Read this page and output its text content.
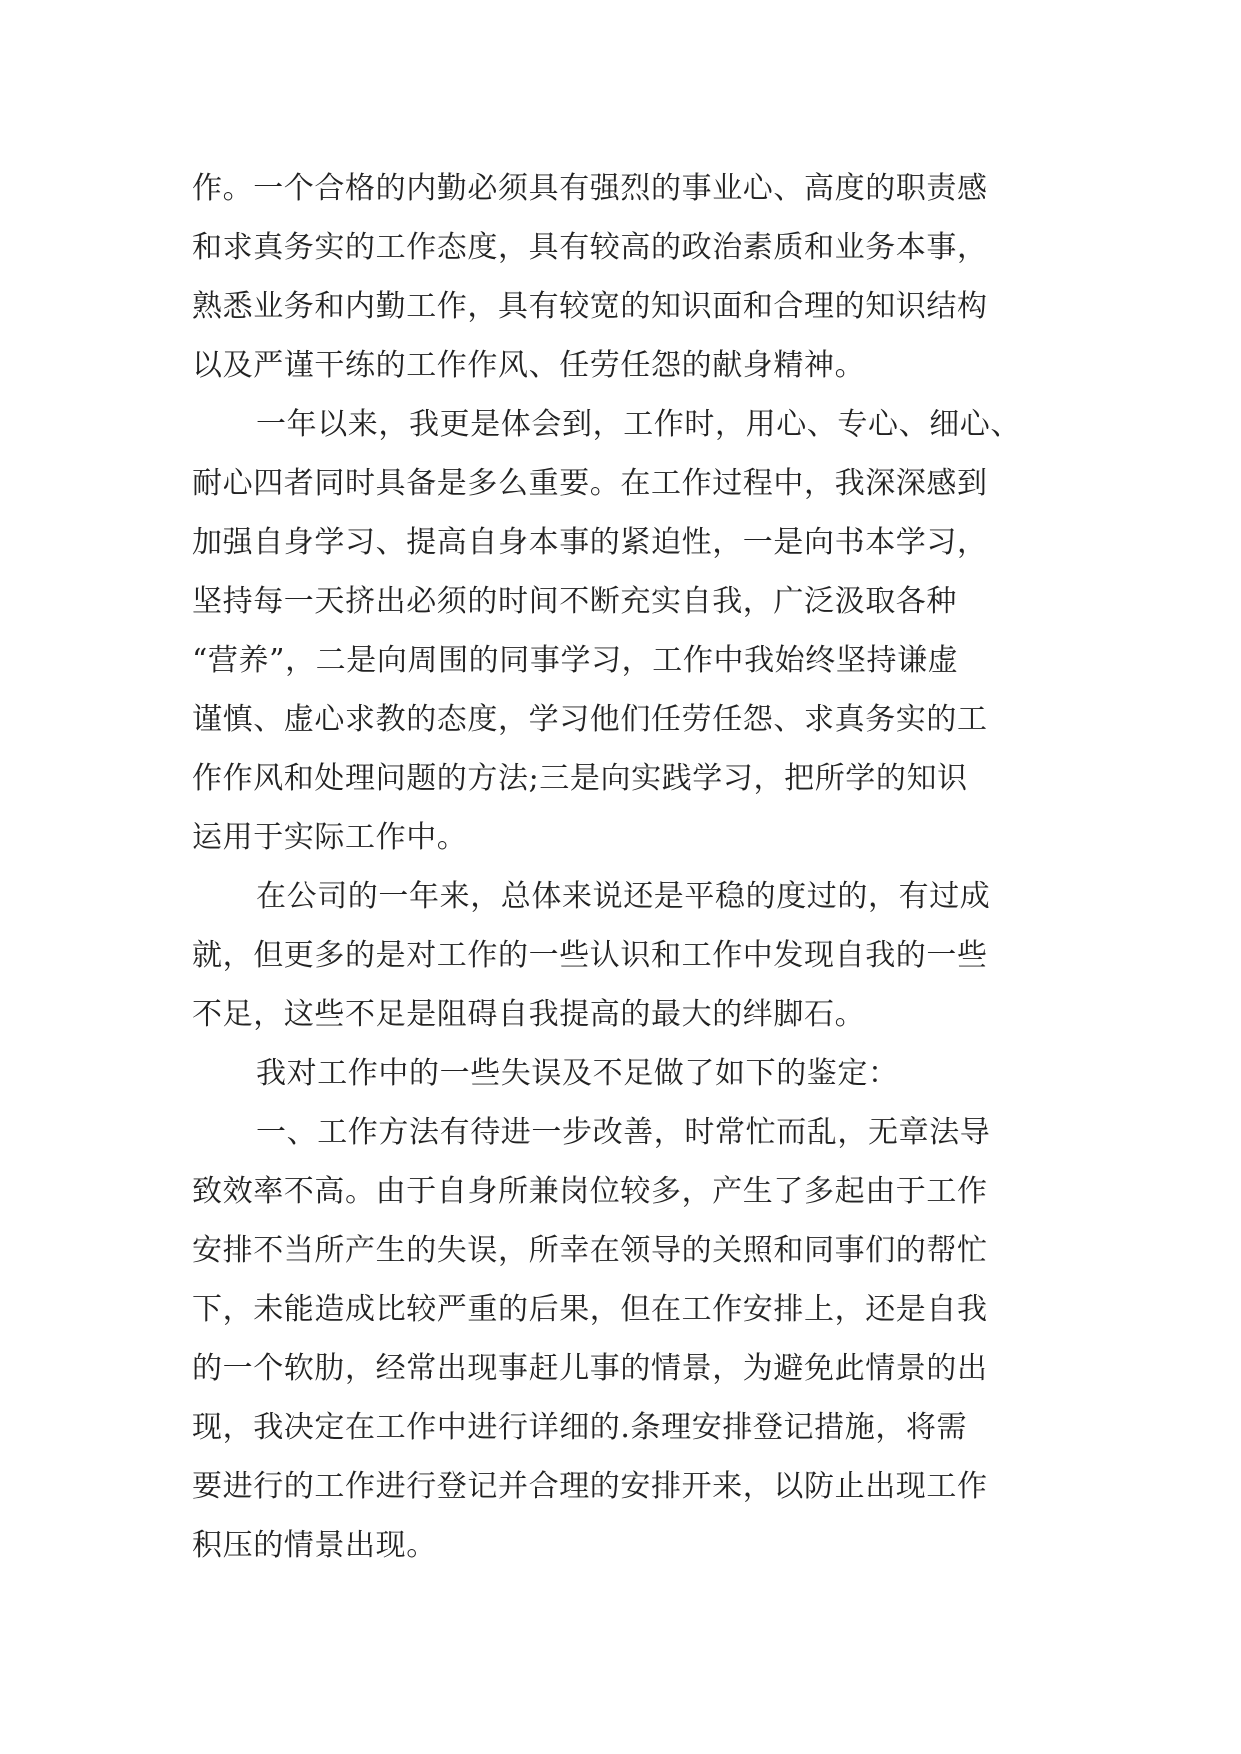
作。一个合格的内勤必须具有强烈的事业心、高度的职责感
和求真务实的工作态度，具有较高的政治素质和业务本事，
熟悉业务和内勤工作，具有较宽的知识面和合理的知识结构
以及严谨干练的工作作风、任劳任怨的献身精神。
一年以来，我更是体会到，工作时，用心、专心、细心、
耐心四者同时具备是多么重要。在工作过程中，我深深感到
加强自身学习、提高自身本事的紧迫性，一是向书本学习，
坚持每一天挤出必须的时间不断充实自我，广泛汲取各种
“营养”，二是向周围的同事学习，工作中我始终坚持谦虚
谨慎、虚心求教的态度，学习他们任劳任怨、求真务实的工
作作风和处理问题的方法;三是向实践学习，把所学的知识
运用于实际工作中。
在公司的一年来，总体来说还是平稳的度过的，有过成
就，但更多的是对工作的一些认识和工作中发现自我的一些
不足，这些不足是阻碍自我提高的最大的绊脚石。
我对工作中的一些失误及不足做了如下的鉴定：
一、工作方法有待进一步改善，时常忙而乱，无章法导
致效率不高。由于自身所兼岗位较多，产生了多起由于工作
安排不当所产生的失误，所幸在领导的关照和同事们的帮忙
下，未能造成比较严重的后果，但在工作安排上，还是自我
的一个软肋，经常出现事赶儿事的情景，为避免此情景的出
现，我决定在工作中进行详细的.条理安排登记措施，将需
要进行的工作进行登记并合理的安排开来，以防止出现工作
积压的情景出现。
